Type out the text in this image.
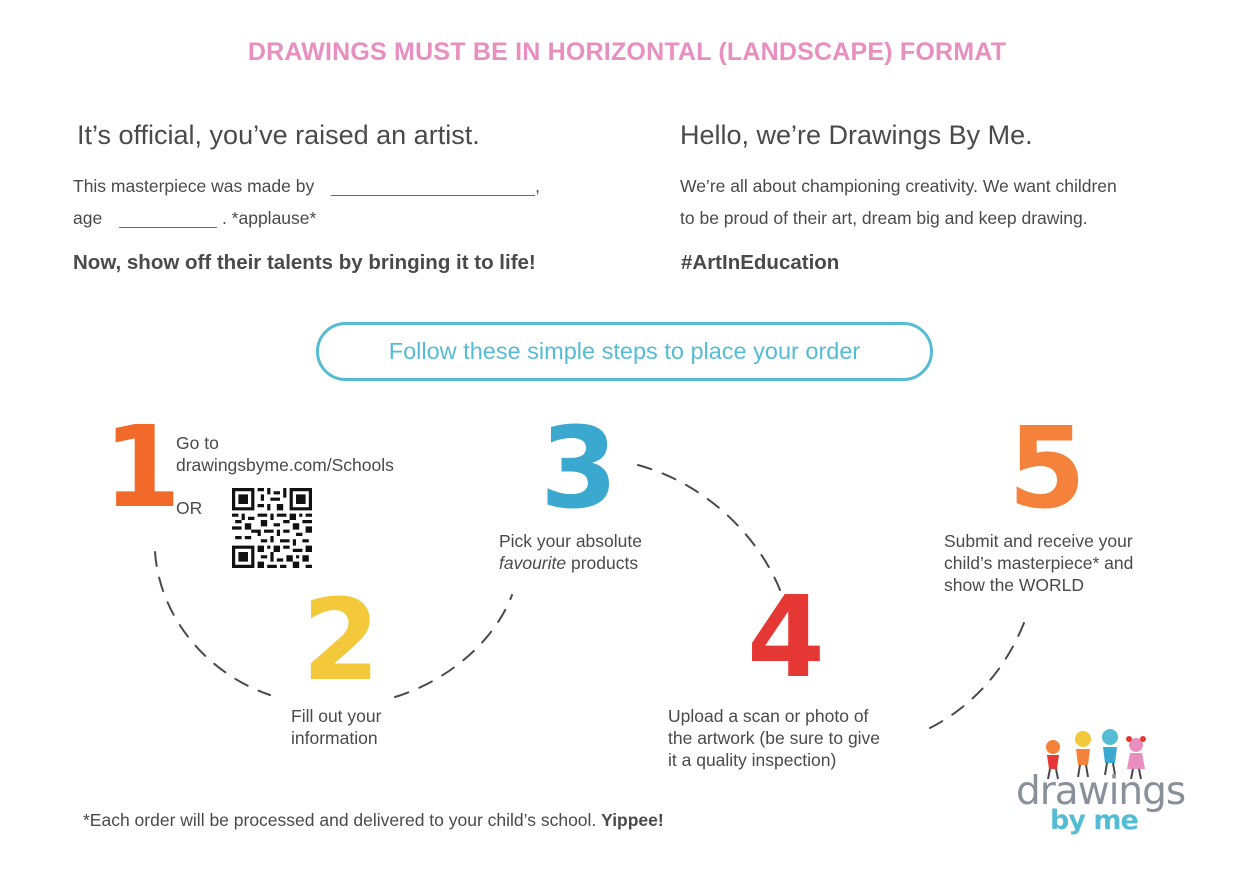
DRAWINGS MUST BE IN HORIZONTAL (LANDSCAPE) FORMAT
It’s official, you’ve raised an artist.
This masterpiece was made by	,
age	. *applause*
Now, show off their talents by bringing it to life!
Hello, we’re Drawings By Me.
We’re all about championing creativity. We want children
to be proud of their art, dream big and keep drawing.
#ArtInEducation
Follow these simple steps to place your order
1
Go to
drawingsbyme.com/Schools
OR
2
Fill out your
information
3
Pick your absolute
favourite products
4
Upload a scan or photo of
the artwork (be sure to give
it a quality inspection)
5
Submit and receive your
child’s masterpiece* and
show the WORLD
*Each order will be processed and delivered to your child’s school. Yippee!
drawings
by me
